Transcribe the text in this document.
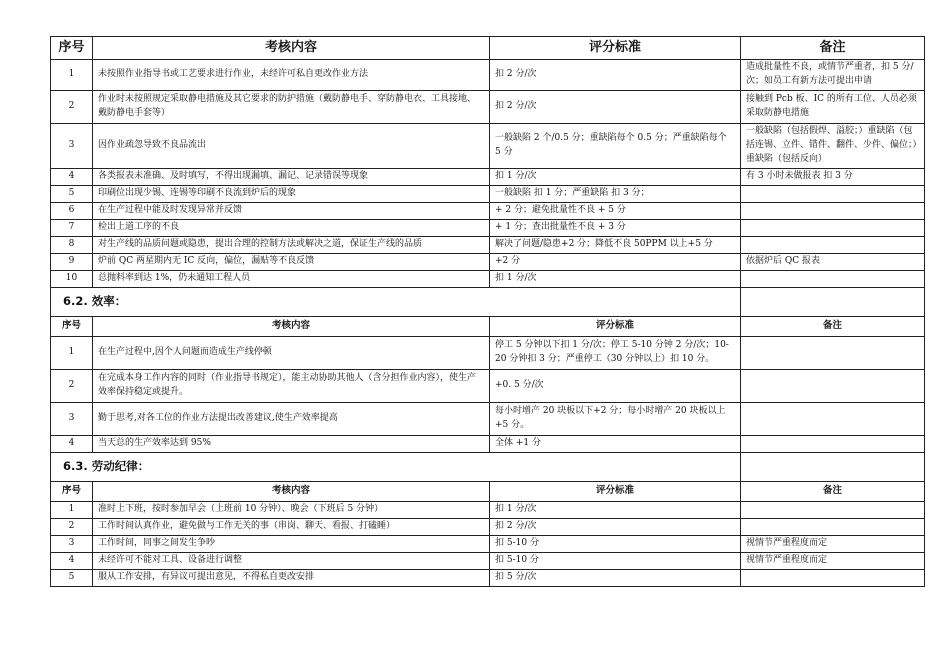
序号	考核内容	评分标准	备注
1	未按照作业指导书或工艺要求进行作业，未经许可私自更改作业方法	扣 2 分/次	造成批量性不良，或情节严重者，扣 5 分/次；如员工有新方法可提出申请
2	作业时未按照规定采取静电措施及其它要求的防护措施（戴防静电手、穿防静电衣、工具接地、戴防静电手套等）	扣 2 分/次	接触到 Pcb 板、IC 的所有工位、人员必须采取防静电措施
3	因作业疏忽导致不良品流出	一般缺陷 2 个/0.5 分；重缺陷每个 0.5 分；严重缺陷每个 5 分	一般缺陷（包括假焊、溢胶；）重缺陷（包括连锡、立件、错件、翻件、少件、偏位；）重缺陷（包括反向）
4	各类报表未准确、及时填写，不得出现漏填、漏记、记录错误等现象	扣 1 分/次	有 3 小时未做报表 扣 3 分
5	印刷位出现少锡、连锡等印刷不良流到炉后的现象	一般缺陷 扣 1 分；严重缺陷 扣 3 分；	
6	在生产过程中能及时发现异常并反馈	+ 2 分；避免批量性不良 + 5 分	
7	检出上道工序的不良	+ 1 分；查出批量性不良 + 3 分	
8	对生产线的品质问题或隐患，提出合理的控制方法或解决之道，保证生产线的品质	解决了问题/隐患+2 分；降低不良 50PPM 以上+5 分	
9	炉前 QC 两星期内无 IC 反向，偏位，漏贴等不良反馈	+2 分	依据炉后 QC 报表
10	总抛料率到达 1%，仍未通知工程人员	扣 1 分/次	
6.2. 效率：			
序号	考核内容	评分标准	备注
1	在生产过程中,因个人问题而造成生产线停顿	停工 5 分钟以下扣 1 分/次；停工 5-10 分钟 2 分/次；10-20 分钟扣 3 分；严重停工（30 分钟以上）扣 10 分。	
2	在完成本身工作内容的同时（作业指导书规定），能主动协助其他人（含分担作业内容），使生产效率保持稳定或提升。	+0. 5 分/次	
3	勤于思考,对各工位的作业方法提出改善建议,使生产效率提高	每小时增产 20 块板以下+2 分；每小时增产 20 块板以上+5 分。	
4	当天总的生产效率达到 95%	全体 +1 分	
6.3. 劳动纪律：			
序号	考核内容	评分标准	备注
1	准时上下班，按时参加早会（上班前 10 分钟）、晚会（下班后 5 分钟）	扣 1 分/次	
2	工作时间认真作业，避免做与工作无关的事（串岗、聊天、看报、打磕睡）	扣 2 分/次	
3	工作时间，同事之间发生争吵	扣 5-10 分	视情节严重程度而定
4	未经许可不能对工具、设备进行调整	扣 5-10 分	视情节严重程度而定
5	服从工作安排，有异议可提出意见，不得私自更改安排	扣 5 分/次	
